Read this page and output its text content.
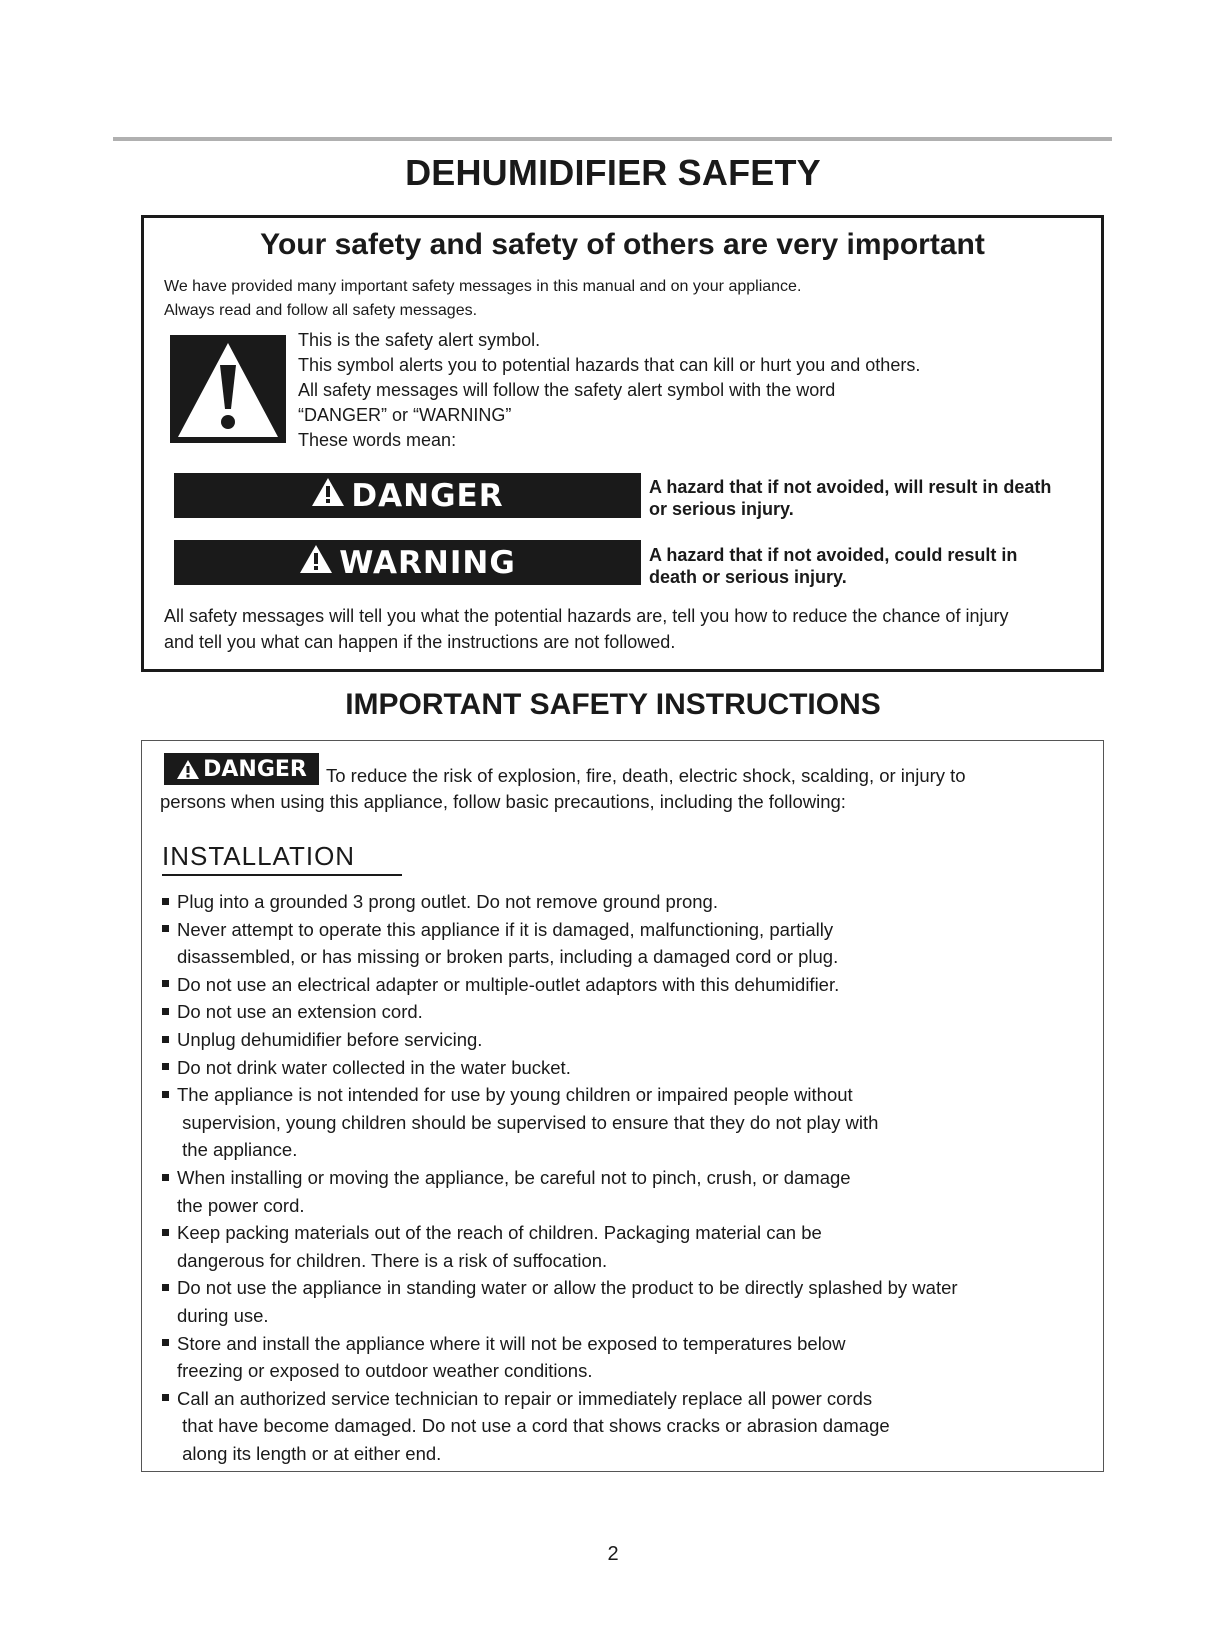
DEHUMIDIFIER SAFETY
Your safety and safety of others are very important
We have provided many important safety messages in this manual and on your appliance.
Always read and follow all safety messages.
This is the safety alert symbol.
This symbol alerts you to potential hazards that can kill or hurt you and others.
All safety messages will follow the safety alert symbol with the word
“DANGER” or “WARNING”
These words mean:
DANGER	A hazard that if not avoided, will result in death
or serious injury.
WARNING	A hazard that if not avoided, could result in
death or serious injury.
All safety messages will tell you what the potential hazards are, tell you how to reduce the chance of injury
and tell you what can happen if the instructions are not followed.
IMPORTANT SAFETY INSTRUCTIONS
DANGER To reduce the risk of explosion, fire, death, electric shock, scalding, or injury to
persons when using this appliance, follow basic precautions, including the following:
INSTALLATION
Plug into a grounded 3 prong outlet. Do not remove ground prong.
Never attempt to operate this appliance if it is damaged, malfunctioning, partially
disassembled, or has missing or broken parts, including a damaged cord or plug.
Do not use an electrical adapter or multiple-outlet adaptors with this dehumidifier.
Do not use an extension cord.
Unplug dehumidifier before servicing.
Do not drink water collected in the water bucket.
The appliance is not intended for use by young children or impaired people without
supervision, young children should be supervised to ensure that they do not play with
the appliance.
When installing or moving the appliance, be careful not to pinch, crush, or damage
the power cord.
Keep packing materials out of the reach of children. Packaging material can be
dangerous for children. There is a risk of suffocation.
Do not use the appliance in standing water or allow the product to be directly splashed by water
during use.
Store and install the appliance where it will not be exposed to temperatures below
freezing or exposed to outdoor weather conditions.
Call an authorized service technician to repair or immediately replace all power cords
that have become damaged. Do not use a cord that shows cracks or abrasion damage
along its length or at either end.
2
